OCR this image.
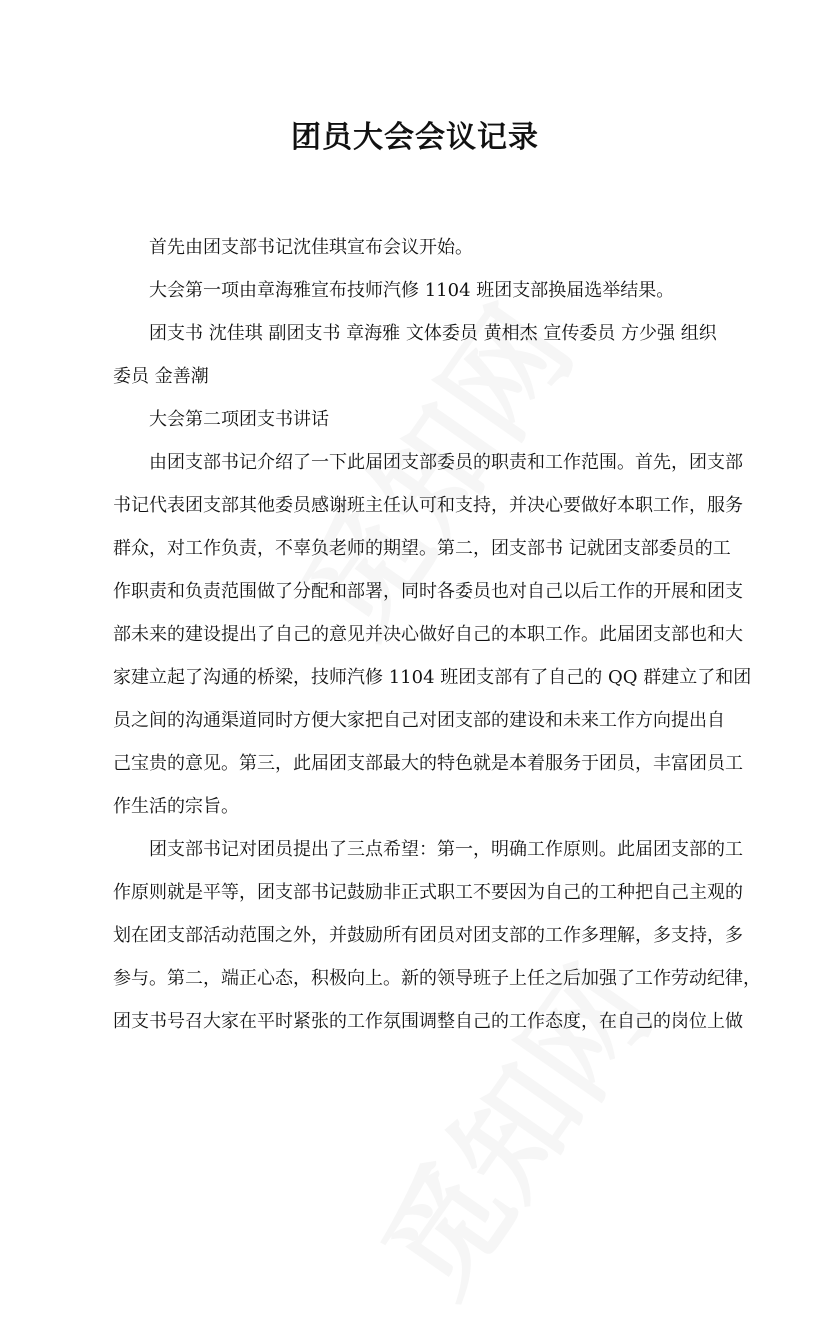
团员大会会议记录
首先由团支部书记沈佳琪宣布会议开始。
大会第一项由章海雅宣布技师汽修 1104 班团支部换届选举结果。
团支书 沈佳琪 副团支书 章海雅 文体委员 黄相杰 宣传委员 方少强 组织
委员 金善潮
大会第二项团支书讲话
由团支部书记介绍了一下此届团支部委员的职责和工作范围。首先，团支部
书记代表团支部其他委员感谢班主任认可和支持，并决心要做好本职工作，服务
群众，对工作负责，不辜负老师的期望。第二，团支部书 记就团支部委员的工
作职责和负责范围做了分配和部署，同时各委员也对自己以后工作的开展和团支
部未来的建设提出了自己的意见并决心做好自己的本职工作。此届团支部也和大
家建立起了沟通的桥梁，技师汽修 1104 班团支部有了自己的 QQ 群建立了和团
员之间的沟通渠道同时方便大家把自己对团支部的建设和未来工作方向提出自
己宝贵的意见。第三，此届团支部最大的特色就是本着服务于团员，丰富团员工
作生活的宗旨。
团支部书记对团员提出了三点希望：第一，明确工作原则。此届团支部的工
作原则就是平等，团支部书记鼓励非正式职工不要因为自己的工种把自己主观的
划在团支部活动范围之外，并鼓励所有团员对团支部的工作多理解，多支持，多
参与。第二，端正心态，积极向上。新的领导班子上任之后加强了工作劳动纪律，
团支书号召大家在平时紧张的工作氛围调整自己的工作态度，在自己的岗位上做
